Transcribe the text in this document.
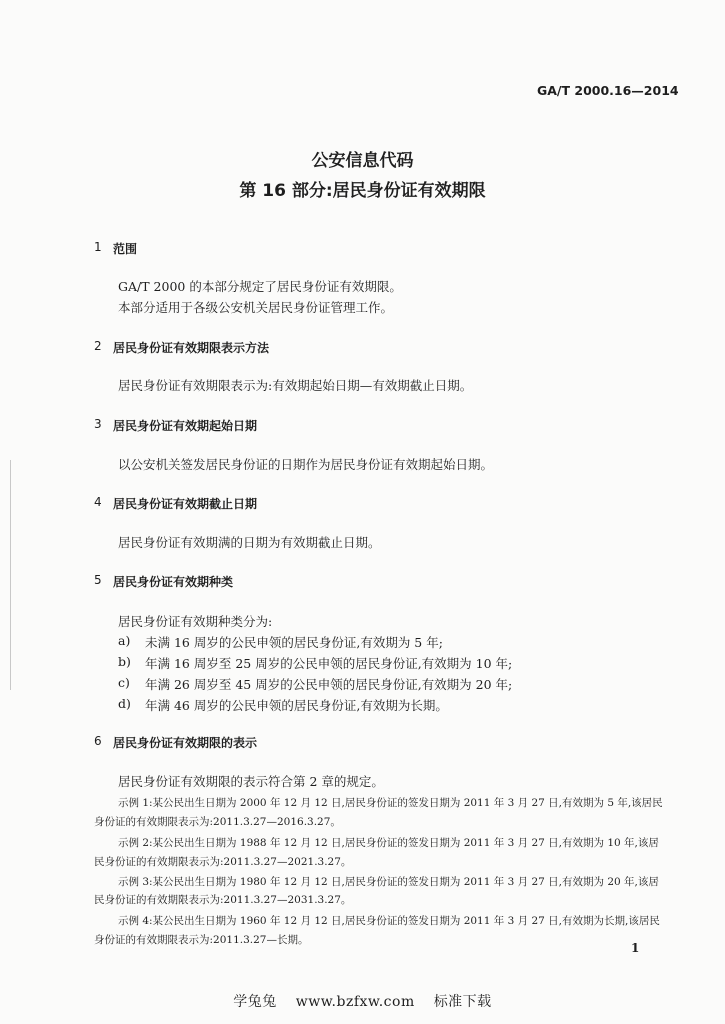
GA/T 2000.16—2014
公安信息代码
第 16 部分:居民身份证有效期限
1 范围
GA/T 2000 的本部分规定了居民身份证有效期限。
本部分适用于各级公安机关居民身份证管理工作。
2 居民身份证有效期限表示方法
居民身份证有效期限表示为:有效期起始日期—有效期截止日期。
3 居民身份证有效期起始日期
以公安机关签发居民身份证的日期作为居民身份证有效期起始日期。
4 居民身份证有效期截止日期
居民身份证有效期满的日期为有效期截止日期。
5 居民身份证有效期种类
居民身份证有效期种类分为:
a) 未满 16 周岁的公民申领的居民身份证,有效期为 5 年;
b) 年满 16 周岁至 25 周岁的公民申领的居民身份证,有效期为 10 年;
c) 年满 26 周岁至 45 周岁的公民申领的居民身份证,有效期为 20 年;
d) 年满 46 周岁的公民申领的居民身份证,有效期为长期。
6 居民身份证有效期限的表示
居民身份证有效期限的表示符合第 2 章的规定。
示例 1:某公民出生日期为 2000 年 12 月 12 日,居民身份证的签发日期为 2011 年 3 月 27 日,有效期为 5 年,该居民
身份证的有效期限表示为:2011.3.27—2016.3.27。
示例 2:某公民出生日期为 1988 年 12 月 12 日,居民身份证的签发日期为 2011 年 3 月 27 日,有效期为 10 年,该居
民身份证的有效期限表示为:2011.3.27—2021.3.27。
示例 3:某公民出生日期为 1980 年 12 月 12 日,居民身份证的签发日期为 2011 年 3 月 27 日,有效期为 20 年,该居
民身份证的有效期限表示为:2011.3.27—2031.3.27。
示例 4:某公民出生日期为 1960 年 12 月 12 日,居民身份证的签发日期为 2011 年 3 月 27 日,有效期为长期,该居民
身份证的有效期限表示为:2011.3.27—长期。
1
学兔兔 www.bzfxw.com 标准下载
